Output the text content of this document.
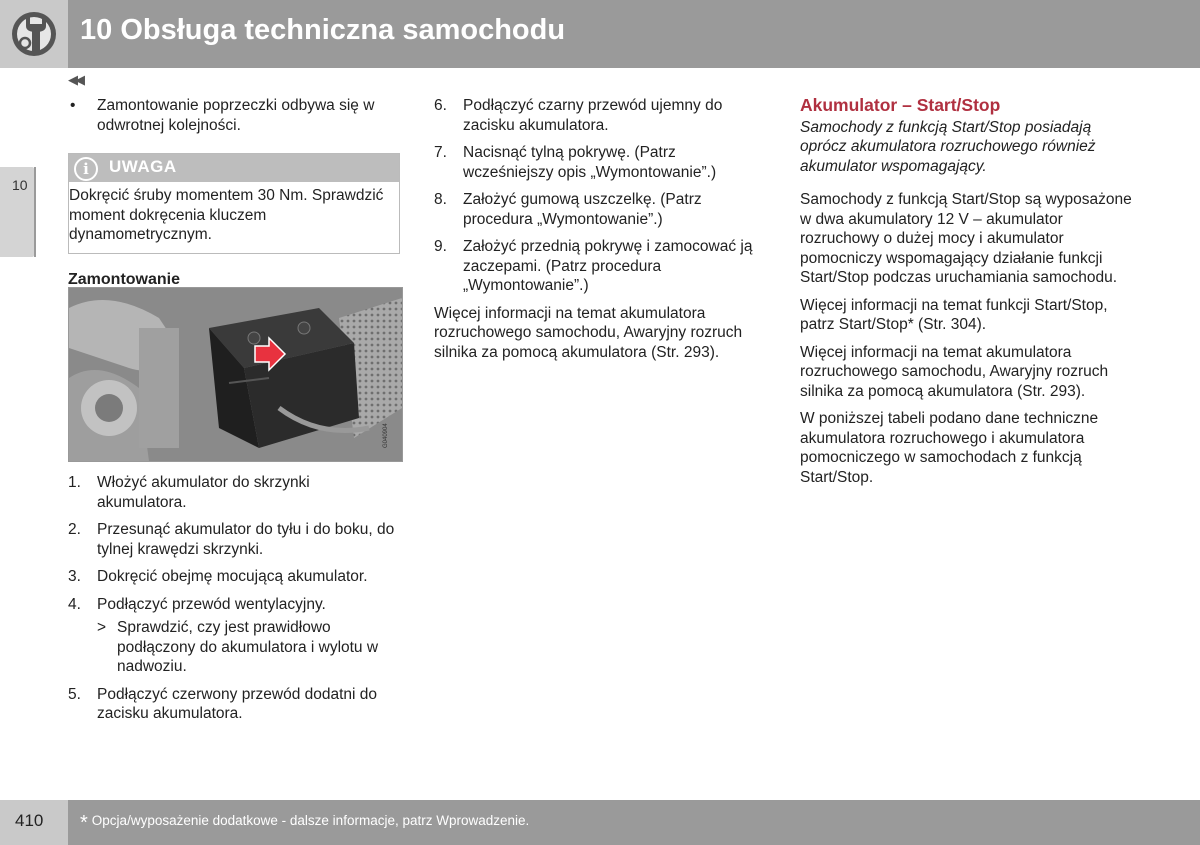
10 Obsługa techniczna samochodu
10
◀◀
• Zamontowanie poprzeczki odbywa się w odwrotnej kolejności.

i	UWAGA

Dokręcić śruby momentem 30 Nm. Sprawdzić moment dokręcenia kluczem dynamometrycznym.

Zamontowanie

G040904
1. Włożyć akumulator do skrzynki akumulatora.

2. Przesunąć akumulator do tyłu i do boku, do tylnej krawędzi skrzynki.

3. Dokręcić obejmę mocującą akumulator.

4. Podłączyć przewód wentylacyjny.

> Sprawdzić, czy jest prawidłowo podłączony do akumulatora i wylotu w nadwoziu.

5. Podłączyć czerwony przewód dodatni do zacisku akumulatora.

6. Podłączyć czarny przewód ujemny do zacisku akumulatora.

7. Nacisnąć tylną pokrywę. (Patrz wcześniejszy opis „Wymontowanie”.)

8. Założyć gumową uszczelkę. (Patrz procedura „Wymontowanie”.)

9. Założyć przednią pokrywę i zamocować ją zaczepami. (Patrz procedura „Wymontowanie”.)

Więcej informacji na temat akumulatora rozruchowego samochodu, Awaryjny rozruch silnika za pomocą akumulatora (Str. 293).

Akumulator – Start/Stop

Samochody z funkcją Start/Stop posiadają oprócz akumulatora rozruchowego również akumulator wspomagający.

Samochody z funkcją Start/Stop są wyposażone w dwa akumulatory 12 V – akumulator rozruchowy o dużej mocy i akumulator pomocniczy wspomagający działanie funkcji Start/Stop podczas uruchamiania samochodu.

Więcej informacji na temat funkcji Start/Stop, patrz Start/Stop* (Str. 304).

Więcej informacji na temat akumulatora rozruchowego samochodu, Awaryjny rozruch silnika za pomocą akumulatora (Str. 293).

W poniższej tabeli podano dane techniczne akumulatora rozruchowego i akumulatora pomocniczego w samochodach z funkcją Start/Stop.

410 * Opcja/wyposażenie dodatkowe - dalsze informacje, patrz Wprowadzenie.
